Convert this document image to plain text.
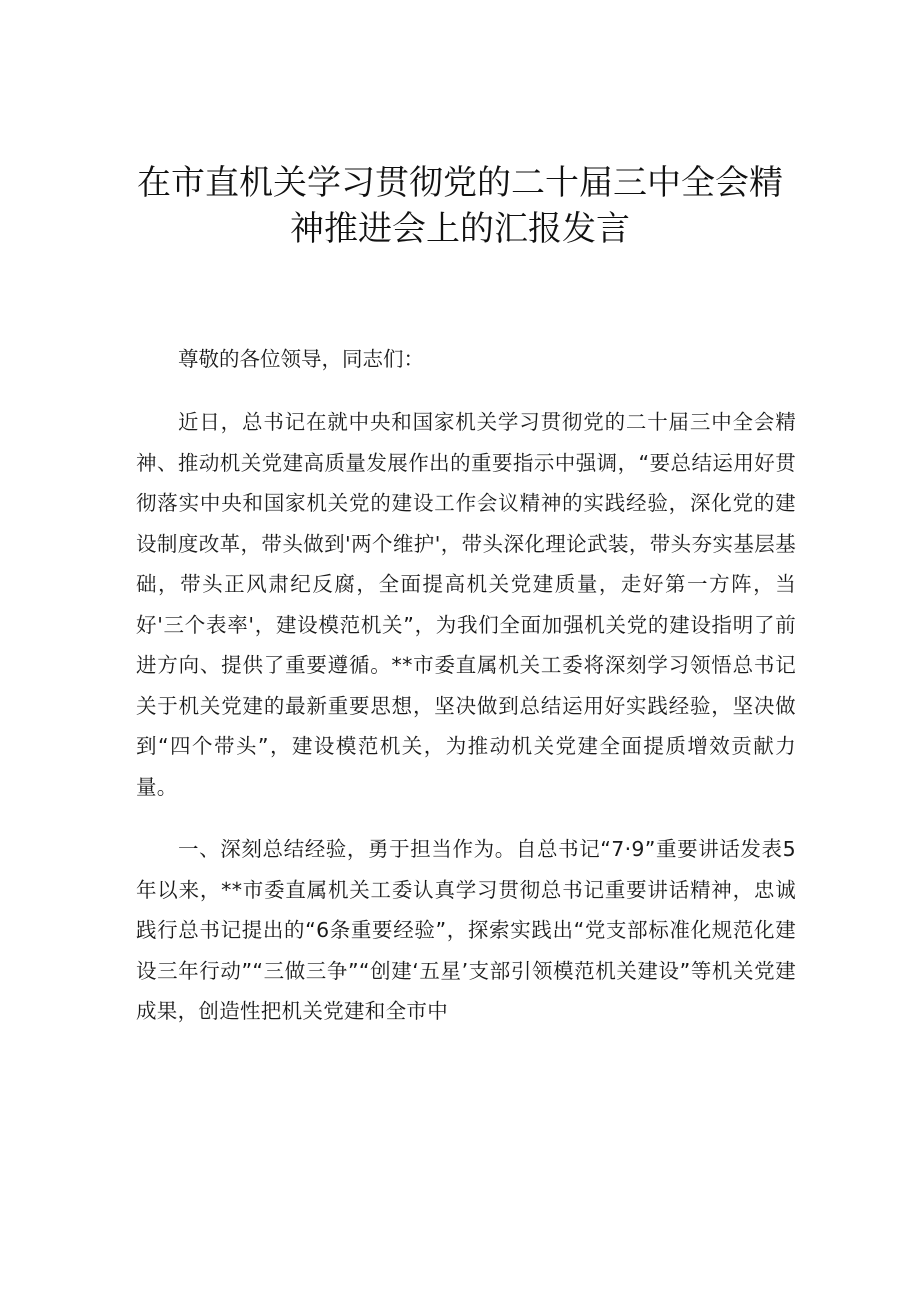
在市直机关学习贯彻党的二十届三中全会精
神推进会上的汇报发言

尊敬的各位领导，同志们：

近日，总书记在就中央和国家机关学习贯彻党的二十届三中全会精神、推动机关党建高质量发展作出的重要指示中强调，“要总结运用好贯彻落实中央和国家机关党的建设工作会议精神的实践经验，深化党的建设制度改革，带头做到'两个维护'，带头深化理论武装，带头夯实基层基础，带头正风肃纪反腐，全面提高机关党建质量，走好第一方阵，当好'三个表率'，建设模范机关”，为我们全面加强机关党的建设指明了前进方向、提供了重要遵循。**市委直属机关工委将深刻学习领悟总书记关于机关党建的最新重要思想，坚决做到总结运用好实践经验，坚决做到“四个带头”，建设模范机关，为推动机关党建全面提质增效贡献力量。

一、深刻总结经验，勇于担当作为。自总书记“7·9”重要讲话发表5年以来，**市委直属机关工委认真学习贯彻总书记重要讲话精神，忠诚践行总书记提出的“6条重要经验”，探索实践出“党支部标准化规范化建设三年行动”“三做三争”“创建‘五星’支部引领模范机关建设”等机关党建成果，创造性把机关党建和全市中
